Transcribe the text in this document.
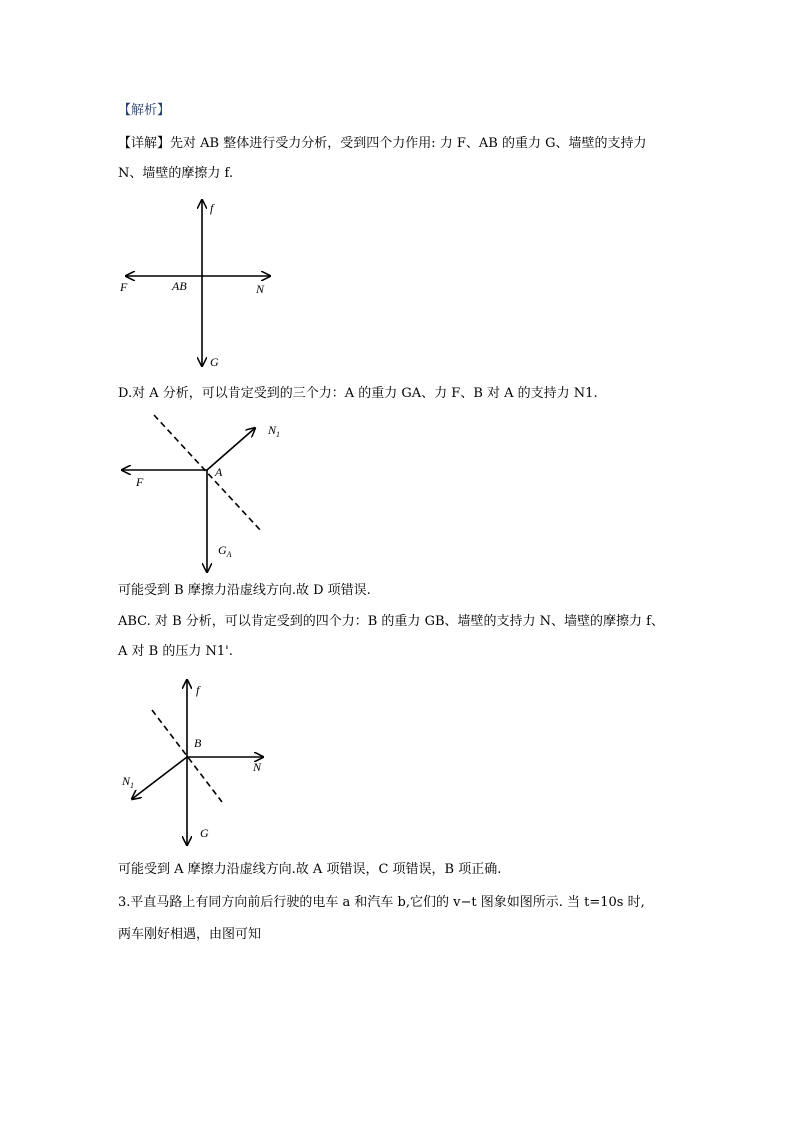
【解析】
【详解】先对 AB 整体进行受力分析，受到四个力作用: 力 F、AB 的重力 G、墙壁的支持力
N、墙壁的摩擦力 f.
f
F	AB	N
G
D.对 A 分析，可以肯定受到的三个力：A 的重力 GA、力 F、B 对 A 的支持力 N1.
$N_1$
A
F
$G_A$
可能受到 B 摩擦力沿虚线方向.故 D 项错误.
ABC. 对 B 分析，可以肯定受到的四个力：B 的重力 GB、墙壁的支持力 N、墙壁的摩擦力 f、
A 对 B 的压力 N1'.
f
B
N
$N_1$
G
可能受到 A 摩擦力沿虚线方向.故 A 项错误，C 项错误，B 项正确.
3.平直马路上有同方向前后行驶的电车 a 和汽车 b,它们的 v−t 图象如图所示. 当 t=10s 时,
两车刚好相遇，由图可知
